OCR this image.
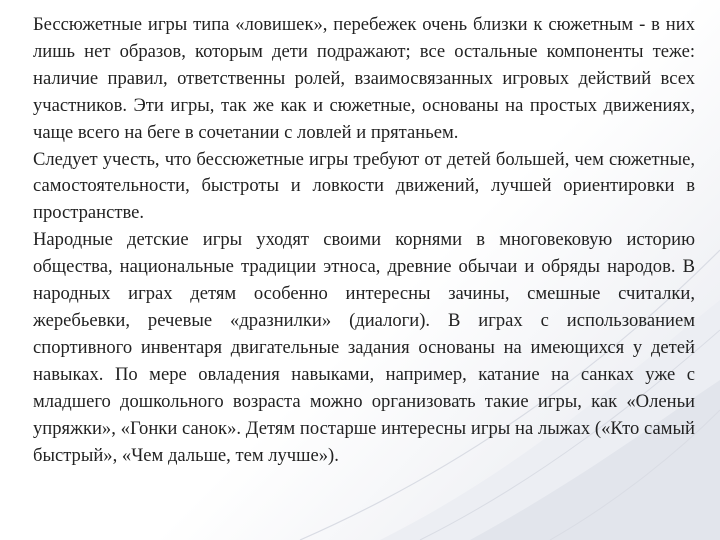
Бессюжетные игры типа «ловишек», перебежек очень близки к сюжетным - в них лишь нет образов, которым дети подражают; все остальные компоненты теже: наличие правил, ответственны ролей, взаимосвязанных игровых действий всех участников. Эти игры, так же как и сюжетные, основаны на простых движениях, чаще всего на беге в сочетании с ловлей и прятаньем.

Следует учесть, что бессюжетные игры требуют от детей большей, чем сюжетные, самостоятельности, быстроты и ловкости движений, лучшей ориентировки в пространстве.

Народные детские игры уходят своими корнями в многовековую историю общества, национальные традиции этноса, древние обычаи и обряды народов. В народных играх детям особенно интересны зачины, смешные считалки, жеребьевки, речевые «дразнилки» (диалоги). В играх с использованием спортивного инвентаря двигательные задания основаны на имеющихся у детей навыках. По мере овладения навыками, например, катание на санках уже с младшего дошкольного возраста можно организовать такие игры, как «Оленьи упряжки», «Гонки санок». Детям постарше интересны игры на лыжах («Кто самый быстрый», «Чем дальше, тем лучше»).
